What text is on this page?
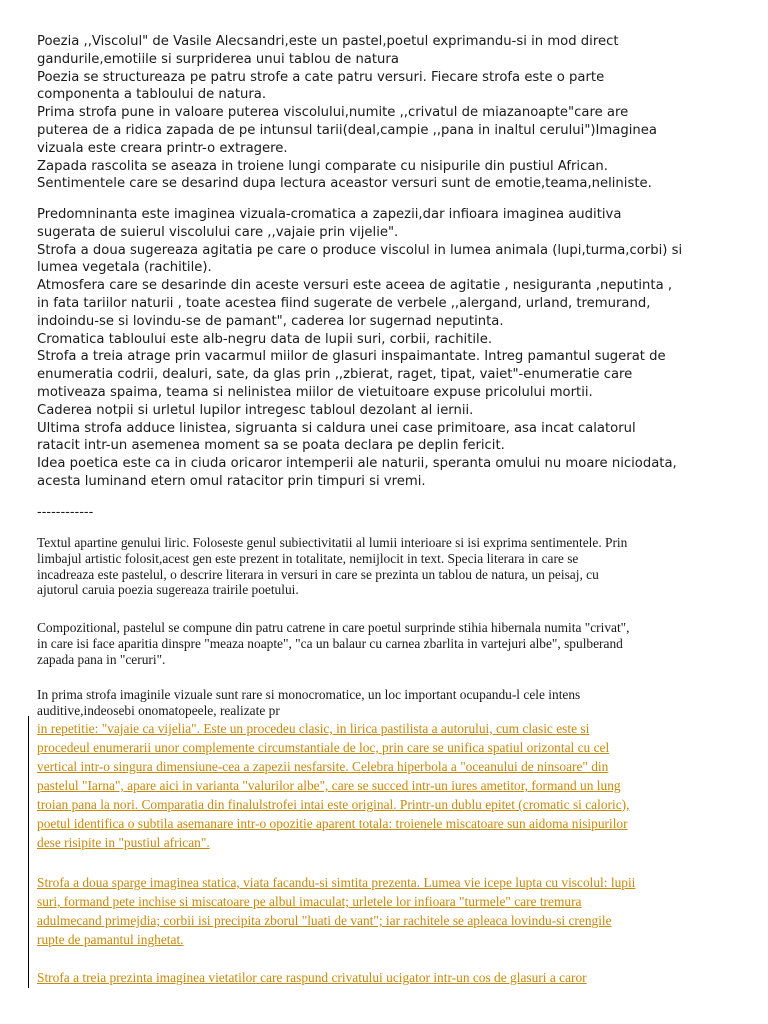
Poezia ,,Viscolul" de Vasile Alecsandri,este un pastel,poetul exprimandu-si in mod direct

gandurile,emotiile si surpriderea unui tablou de natura

Poezia se structureaza pe patru strofe a cate patru versuri. Fiecare strofa este o parte

componenta a tabloului de natura.

Prima strofa pune in valoare puterea viscolului,numite ,,crivatul de miazanoapte"care are

puterea de a ridica zapada de pe intunsul tarii(deal,campie ,,pana in inaltul cerului")Imaginea

vizuala este creara printr-o extragere.

Zapada rascolita se aseaza in troiene lungi comparate cu nisipurile din pustiul African.

Sentimentele care se desarind dupa lectura aceastor versuri sunt de emotie,teama,neliniste.

Predomninanta este imaginea vizuala-cromatica a zapezii,dar infioara imaginea auditiva

sugerata de suierul viscolului care ,,vajaie prin vijelie".

Strofa a doua sugereaza agitatia pe care o produce viscolul in lumea animala (lupi,turma,corbi) si

lumea vegetala (rachitile).

Atmosfera care se desarinde din aceste versuri este aceea de agitatie , nesiguranta ,neputinta ,

in fata tariilor naturii , toate acestea fiind sugerate de verbele ,,alergand, urland, tremurand,

indoindu-se si lovindu-se de pamant", caderea lor sugernad neputinta.

Cromatica tabloului este alb-negru data de lupii suri, corbii, rachitile.

Strofa a treia atrage prin vacarmul miilor de glasuri inspaimantate. Intreg pamantul sugerat de

enumeratia codrii, dealuri, sate, da glas prin ,,zbierat, raget, tipat, vaiet"-enumeratie care

motiveaza spaima, teama si nelinistea miilor de vietuitoare expuse pricolului mortii.

Caderea notpii si urletul lupilor intregesc tabloul dezolant al iernii.

Ultima strofa adduce linistea, sigruanta si caldura unei case primitoare, asa incat calatorul

ratacit intr-un asemenea moment sa se poata declara pe deplin fericit.

Idea poetica este ca in ciuda oricaror intemperii ale naturii, speranta omului nu moare niciodata,

acesta luminand etern omul ratacitor prin timpuri si vremi.

------------

Textul apartine genului liric. Foloseste genul subiectivitatii al lumii interioare si isi exprima sentimentele. Prin

limbajul artistic folosit,acest gen este prezent in totalitate, nemijlocit in text. Specia literara in care se

incadreaza este pastelul, o descrire literara in versuri in care se prezinta un tablou de natura, un peisaj, cu

ajutorul caruia poezia sugereaza trairile poetului.

Compozitional, pastelul se compune din patru catrene in care poetul surprinde stihia hibernala numita "crivat",

in care isi face aparitia dinspre "meaza noapte", "ca un balaur cu carnea zbarlita in vartejuri albe", spulberand

zapada pana in "ceruri".

In prima strofa imaginile vizuale sunt rare si monocromatice, un loc important ocupandu-l cele intens

auditive,indeosebi onomatopeele, realizate pr

in repetitie: "vajaie ca vijelia". Este un procedeu clasic, in lirica pastilista a autorului, cum clasic este si

procedeul enumerarii unor complemente circumstantiale de loc, prin care se unifica spatiul orizontal cu cel

vertical intr-o singura dimensiune-cea a zapezii nesfarsite. Celebra hiperbola a "oceanului de ninsoare" din

pastelul "Iarna", apare aici in varianta "valurilor albe", care se succed intr-un iures ametitor, formand un lung

troian pana la nori. Comparatia din finalulstrofei intai este original. Printr-un dublu epitet (cromatic si caloric),

poetul identifica o subtila asemanare intr-o opozitie aparent totala: troienele miscatoare sun aidoma nisipurilor

dese risipite in "pustiul african".

Strofa a doua sparge imaginea statica, viata facandu-si simtita prezenta. Lumea vie icepe lupta cu viscolul: lupii

suri, formand pete inchise si miscatoare pe albul imaculat; urletele lor infioara "turmele" care tremura

adulmecand primejdia; corbii isi precipita zborul "luati de vant"; iar rachitele se apleaca lovindu-si crengile

rupte de pamantul inghetat.

Strofa a treia prezinta imaginea vietatilor care raspund crivatului ucigator intr-un cos de glasuri a caror
